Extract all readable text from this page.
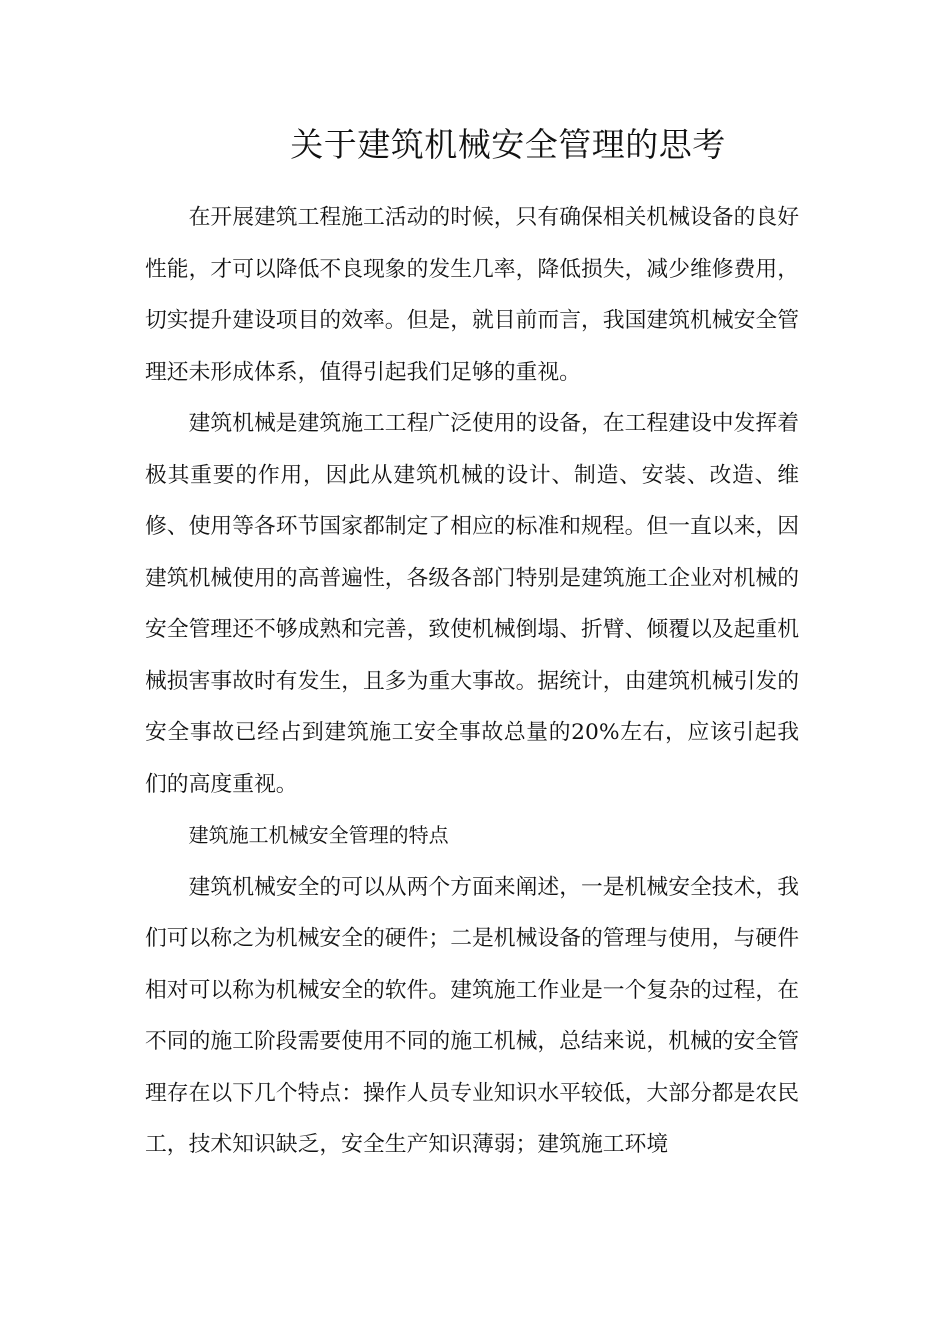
关于建筑机械安全管理的思考

在开展建筑工程施工活动的时候，只有确保相关机械设备的良好性能，才可以降低不良现象的发生几率，降低损失，减少维修费用，切实提升建设项目的效率。但是，就目前而言，我国建筑机械安全管理还未形成体系，值得引起我们足够的重视。

建筑机械是建筑施工工程广泛使用的设备，在工程建设中发挥着极其重要的作用，因此从建筑机械的设计、制造、安装、改造、维修、使用等各环节国家都制定了相应的标准和规程。但一直以来，因建筑机械使用的高普遍性，各级各部门特别是建筑施工企业对机械的安全管理还不够成熟和完善，致使机械倒塌、折臂、倾覆以及起重机械损害事故时有发生，且多为重大事故。据统计，由建筑机械引发的安全事故已经占到建筑施工安全事故总量的20%左右，应该引起我们的高度重视。

建筑施工机械安全管理的特点

建筑机械安全的可以从两个方面来阐述，一是机械安全技术，我们可以称之为机械安全的硬件；二是机械设备的管理与使用，与硬件相对可以称为机械安全的软件。建筑施工作业是一个复杂的过程，在不同的施工阶段需要使用不同的施工机械，总结来说，机械的安全管理存在以下几个特点：操作人员专业知识水平较低，大部分都是农民工，技术知识缺乏，安全生产知识薄弱；建筑施工环境
